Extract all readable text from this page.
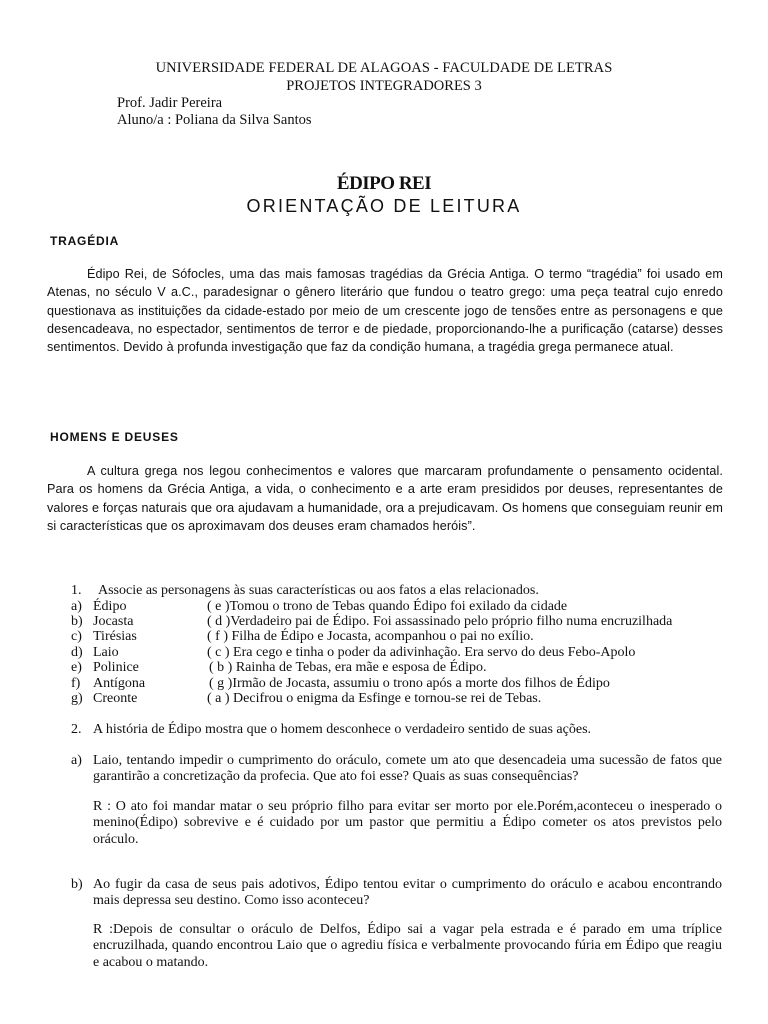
UNIVERSIDADE FEDERAL DE ALAGOAS - FACULDADE DE LETRAS
PROJETOS INTEGRADORES 3
Prof. Jadir Pereira
Aluno/a : Poliana da Silva Santos
ÉDIPO REI
ORIENTAÇÃO DE LEITURA
TRAGÉDIA
Édipo Rei, de Sófocles, uma das mais famosas tragédias da Grécia Antiga. O termo “tragédia” foi usado em Atenas, no século V a.C., paradesignar o gênero literário que fundou o teatro grego: uma peça teatral cujo enredo questionava as instituições da cidade-estado por meio de um crescente jogo de tensões entre as personagens e que desencadeava, no espectador, sentimentos de terror e de piedade, proporcionando-lhe a purificação (catarse) desses sentimentos. Devido à profunda investigação que faz da condição humana, a tragédia grega permanece atual.
HOMENS E DEUSES
A cultura grega nos legou conhecimentos e valores que marcaram profundamente o pensamento ocidental. Para os homens da Grécia Antiga, a vida, o conhecimento e a arte eram presididos por deuses, representantes de valores e forças naturais que ora ajudavam a humanidade, ora a prejudicavam. Os homens que conseguiam reunir em si características que os aproximavam dos deuses eram chamados heróis”.
1. Associe as personagens às suas características ou aos fatos a elas relacionados.
a) Édipo	( e )Tomou o trono de Tebas quando Édipo foi exilado da cidade
b) Jocasta	( d )Verdadeiro pai de Édipo. Foi assassinado pelo próprio filho numa encruzilhada
c) Tirésias	( f ) Filha de Édipo e Jocasta, acompanhou o pai no exílio.
d) Laio	( c ) Era cego e tinha o poder da adivinhação. Era servo do deus Febo-Apolo
e) Polinice	( b ) Rainha de Tebas, era mãe e esposa de Édipo.
f) Antígona	( g )Irmão de Jocasta, assumiu o trono após a morte dos filhos de Édipo
g) Creonte	( a ) Decifrou o enigma da Esfinge e tornou-se rei de Tebas.
2. A história de Édipo mostra que o homem desconhece o verdadeiro sentido de suas ações.
a) Laio, tentando impedir o cumprimento do oráculo, comete um ato que desencadeia uma sucessão de fatos que garantirão a concretização da profecia. Que ato foi esse? Quais as suas consequências?
R : O ato foi mandar matar o seu próprio filho para evitar ser morto por ele.Porém,aconteceu o inesperado o menino(Édipo) sobrevive e é cuidado por um pastor que permitiu a Édipo cometer os atos previstos pelo oráculo.
b) Ao fugir da casa de seus pais adotivos, Édipo tentou evitar o cumprimento do oráculo e acabou encontrando mais depressa seu destino. Como isso aconteceu?
R :Depois de consultar o oráculo de Delfos, Édipo sai a vagar pela estrada e é parado em uma tríplice encruzilhada, quando encontrou Laio que o agrediu física e verbalmente provocando fúria em Édipo que reagiu e acabou o matando.
